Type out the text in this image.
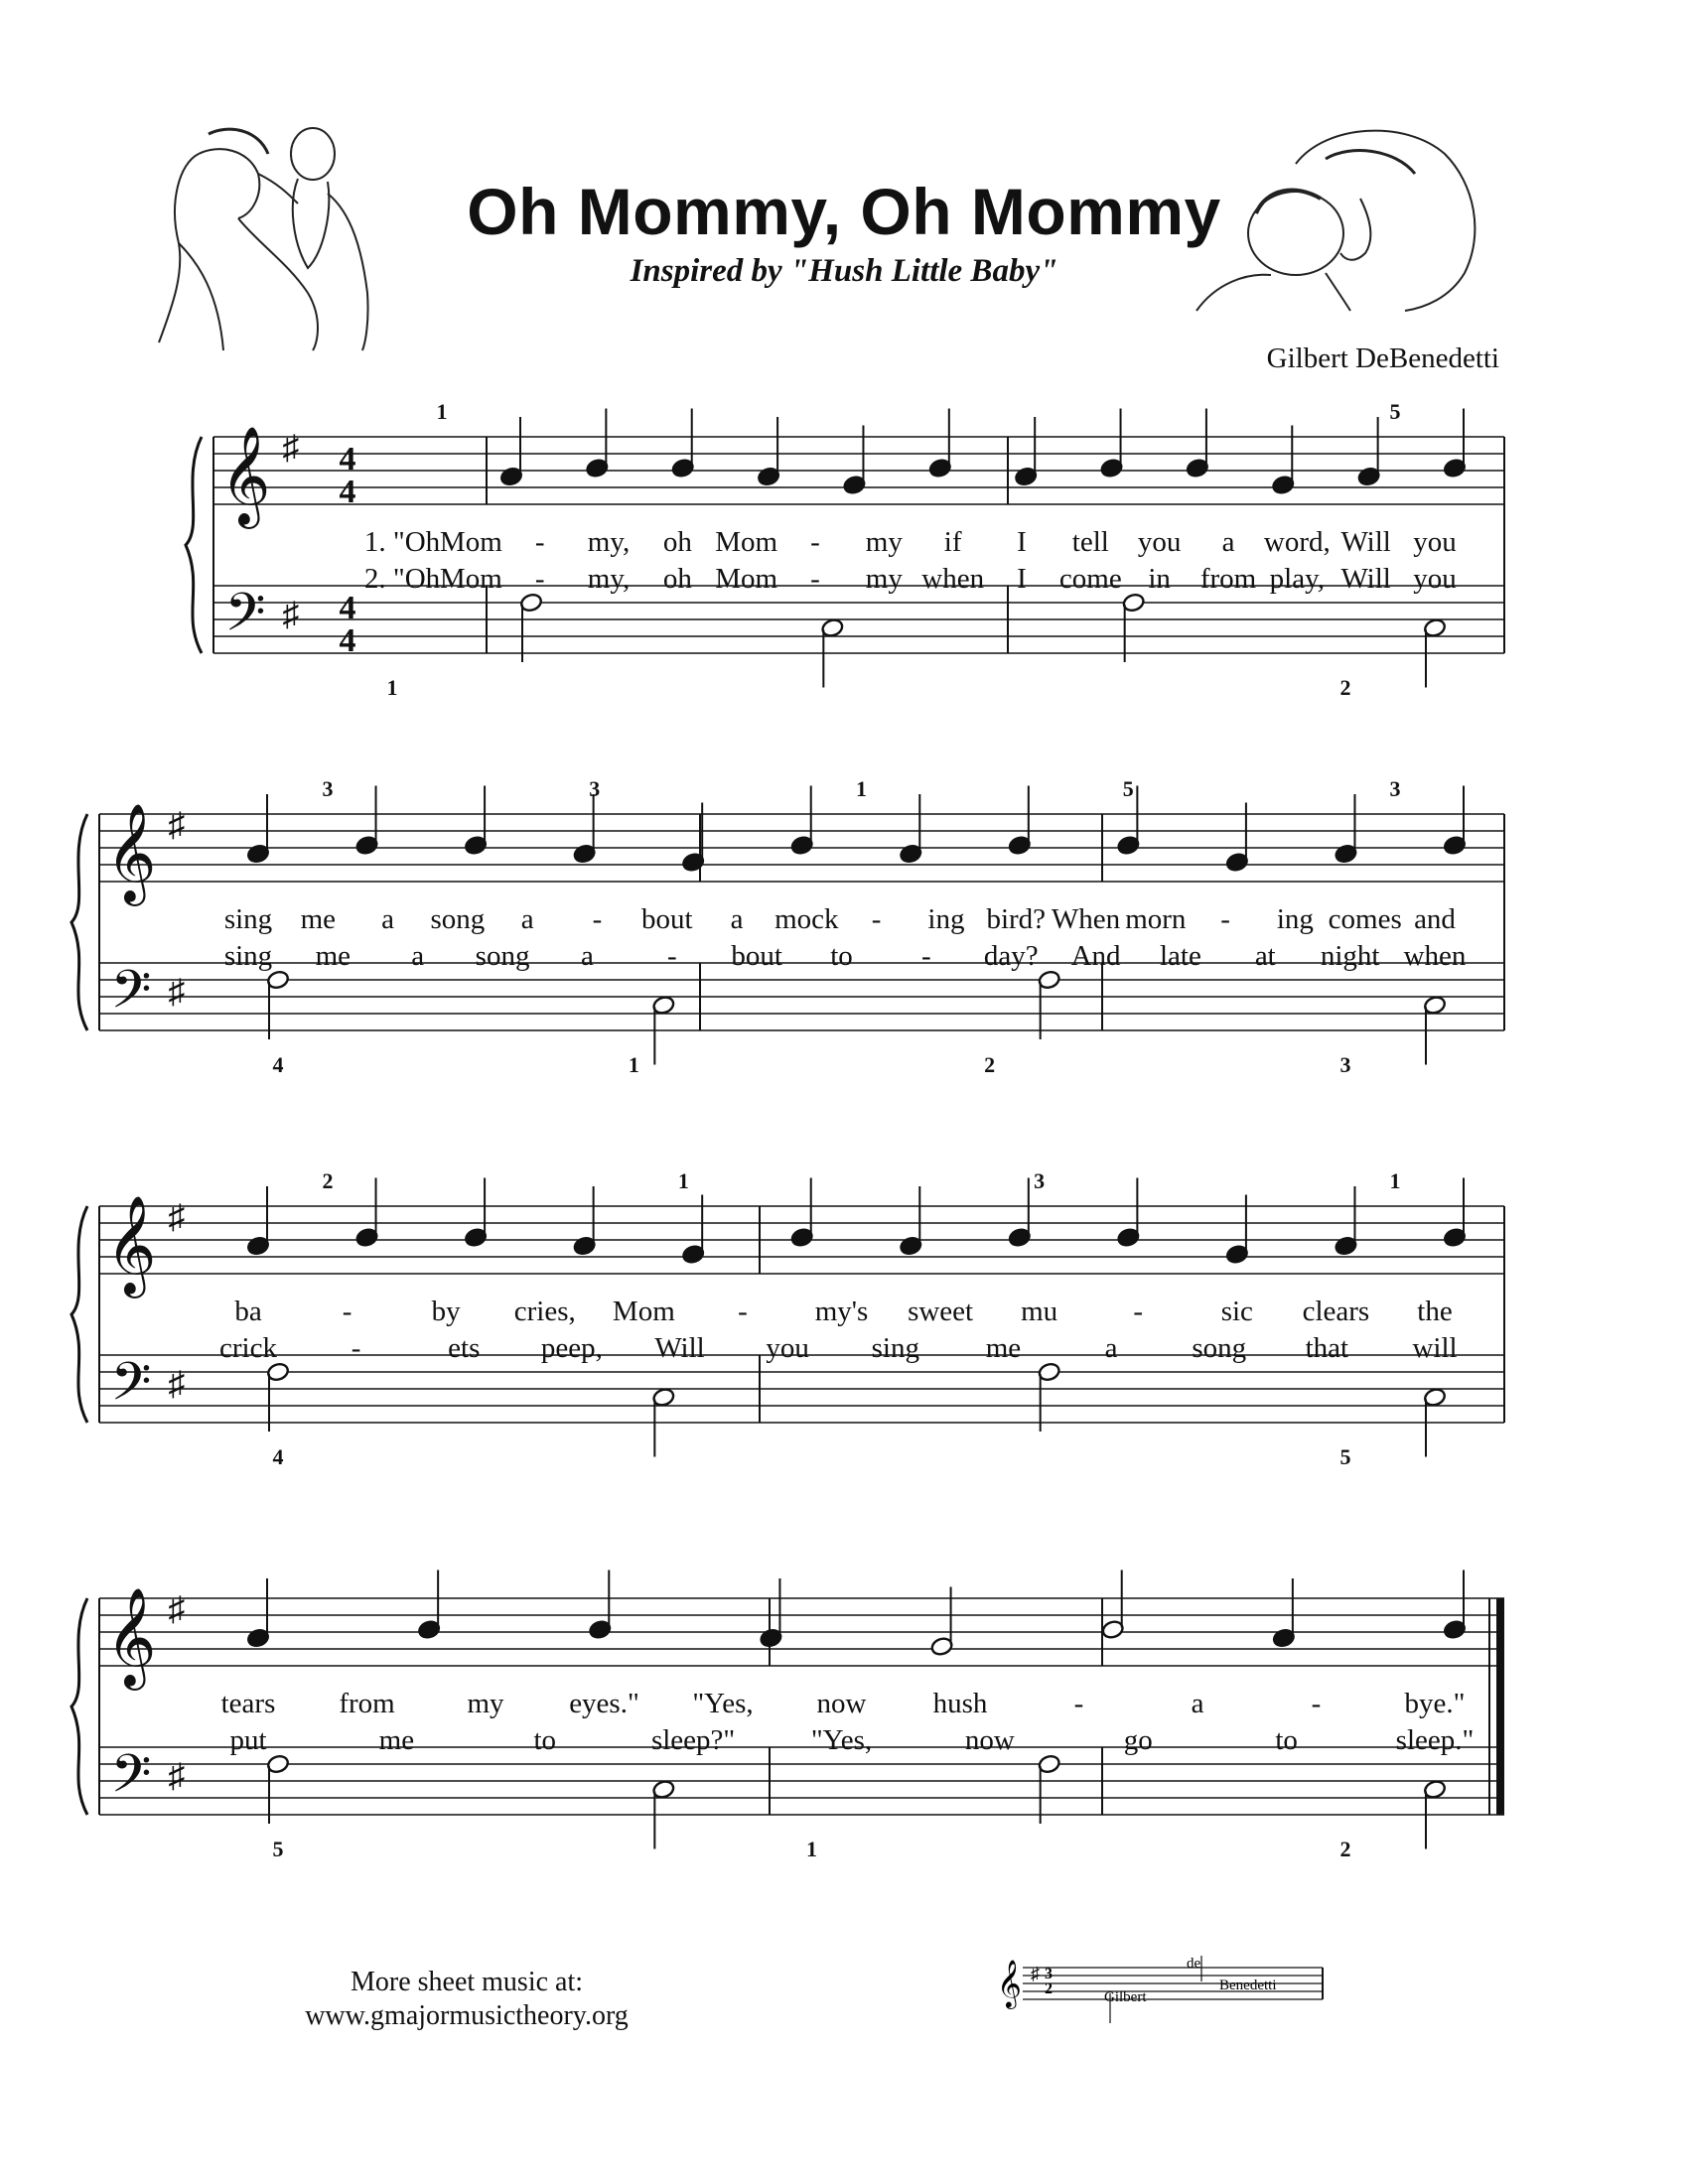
Oh Mommy, Oh Mommy
Inspired by "Hush Little Baby"
Gilbert DeBenedetti
𝄞
𝄢
♯
♯
4
4
4
4
1. "Oh Mom - my, oh Mom - my if I tell you a word, Will you
2. "Oh Mom - my, oh Mom - my when I come in from play, Will you
1	5
1	2
𝄞
𝄢
♯
♯
sing me a song a - bout a mock - ing bird? When morn - ing comes and
sing me a song a	- bout to - day? And late at night when
3	3	1	5	3
4	1	2	3
𝄞
𝄢
♯
♯
ba	-	by cries, Mom - my's sweet mu	-	sic clears the
crick	-	ets peep, Will you sing me	a	song that will
2	1	3	1
4	5
𝄞
𝄢
♯
♯
tears from	my eyes." "Yes, now hush	-	a	-	bye."
put	me	to	sleep?"	"Yes,	now	go	to	sleep."
5	1	2
More sheet music at:
www.gmajormusictheory.org
𝄞 ♯ 3
2	Gilbert
de
Benedetti
